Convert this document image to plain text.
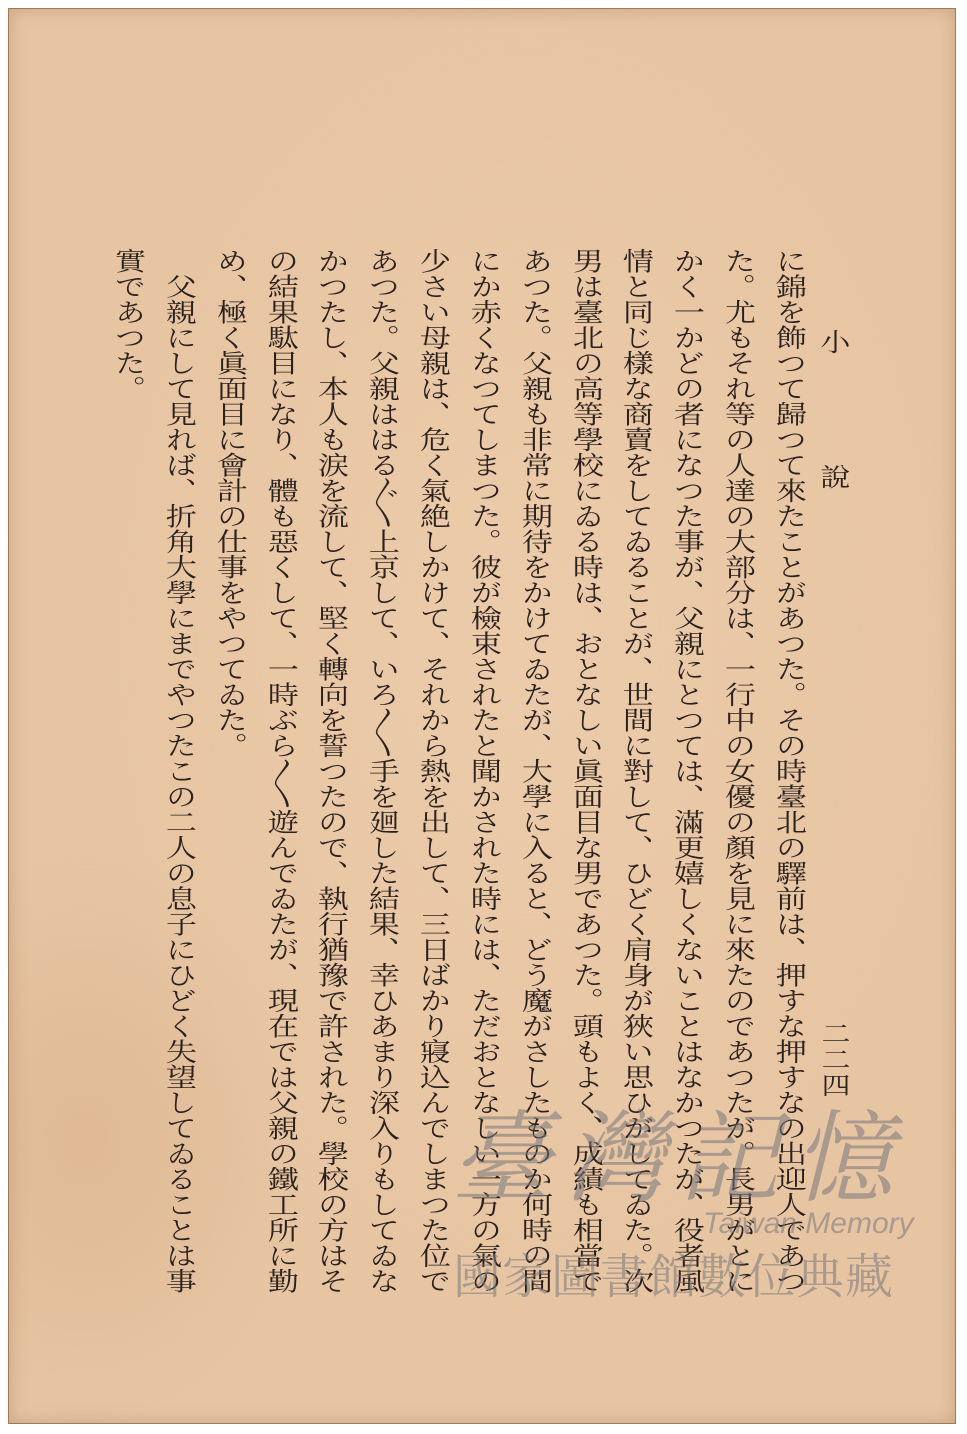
小說
二二四
に錦を飾つて歸つて來たことがあつた。その時臺北の驛前は、押すな押すなの出迎人であつ
た。尤もそれ等の人達の大部分は、一行中の女優の顏を見に來たのであつたが。長男がとに
かく一かどの者になつた事が、父親にとつては、滿更嬉しくないことはなかつたが、役者風
情と同じ樣な商賣をしてゐることが、世間に對して、ひどく肩身が狹い思ひがしてゐた。次
男は臺北の高等學校にゐる時は、おとなしい眞面目な男であつた。頭もよく、成績も相當で
あつた。父親も非常に期待をかけてゐたが、大學に入ると、どう魔がさしたものか何時の間
にか赤くなつてしまつた。彼が檢束されたと聞かされた時には、ただおとなしい一方の氣の
少さい母親は、危く氣絶しかけて、それから熱を出して、三日ばかり寢込んでしまつた位で
あつた。父親ははる〴〵上京して、いろ〳〵手を廻した結果、幸ひあまり深入りもしてゐな
かつたし、本人も涙を流して、堅く轉向を誓つたので、執行猶豫で許された。學校の方はそ
の結果駄目になり、體も惡くして、一時ぶら〳〵遊んでゐたが、現在では父親の鐵工所に勤
め、極く眞面目に會計の仕事をやつてゐた。
　父親にして見れば、折角大學にまでやつたこの二人の息子にひどく失望してゐることは事
實であつた。
臺灣記憶
Taiwan Memory
國家圖書館數位典藏
